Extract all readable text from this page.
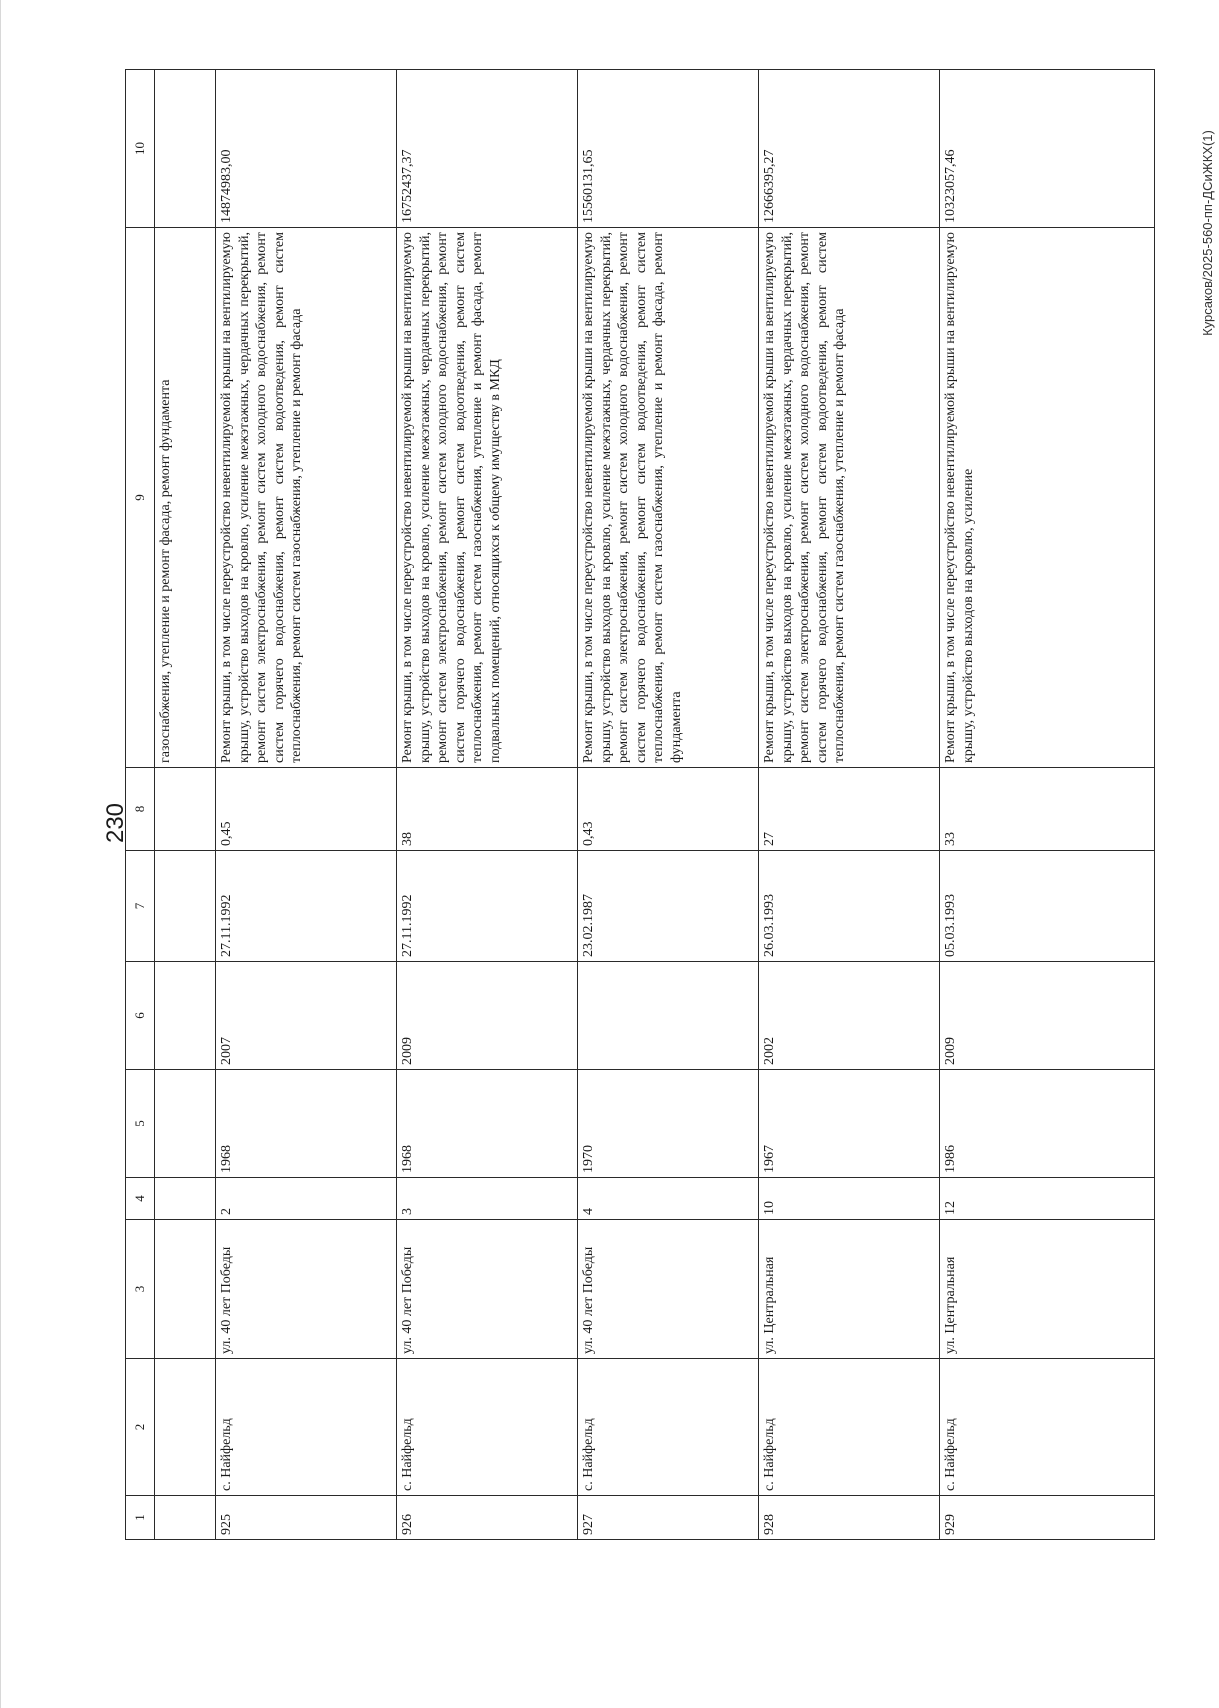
230
Курсаков/2025-560-пп-ДСиЖКХ(1)
1	2	3	4	5	6	7	8	9	10
								газоснабжения, утепление и ремонт фасада, ремонт фундамента	
925	с. Найфельд	ул. 40 лет Победы	2	1968	2007	27.11.1992	0,45	Ремонт крыши, в том числе переустройство невентилируемой крыши на вентилируемую крышу, устройство выходов на кровлю, усиление межэтажных, чердачных перекрытий, ремонт систем электроснабжения, ремонт систем холодного водоснабжения, ремонт систем горячего водоснабжения, ремонт систем водоотведения, ремонт систем теплоснабжения, ремонт систем газоснабжения, утепление и ремонт фасада	14874983,00
926	с. Найфельд	ул. 40 лет Победы	3	1968	2009	27.11.1992	38	Ремонт крыши, в том числе переустройство невентилируемой крыши на вентилируемую крышу, устройство выходов на кровлю, усиление межэтажных, чердачных перекрытий, ремонт систем электроснабжения, ремонт систем холодного водоснабжения, ремонт систем горячего водоснабжения, ремонт систем водоотведения, ремонт систем теплоснабжения, ремонт систем газоснабжения, утепление и ремонт фасада, ремонт подвальных помещений, относящихся к общему имуществу в МКД	16752437,37
927	с. Найфельд	ул. 40 лет Победы	4	1970		23.02.1987	0,43	Ремонт крыши, в том числе переустройство невентилируемой крыши на вентилируемую крышу, устройство выходов на кровлю, усиление межэтажных, чердачных перекрытий, ремонт систем электроснабжения, ремонт систем холодного водоснабжения, ремонт систем горячего водоснабжения, ремонт систем водоотведения, ремонт систем теплоснабжения, ремонт систем газоснабжения, утепление и ремонт фасада, ремонт фундамента	15560131,65
928	с. Найфельд	ул. Центральная	10	1967	2002	26.03.1993	27	Ремонт крыши, в том числе переустройство невентилируемой крыши на вентилируемую крышу, устройство выходов на кровлю, усиление межэтажных, чердачных перекрытий, ремонт систем электроснабжения, ремонт систем холодного водоснабжения, ремонт систем горячего водоснабжения, ремонт систем водоотведения, ремонт систем теплоснабжения, ремонт систем газоснабжения, утепление и ремонт фасада	12666395,27
929	с. Найфельд	ул. Центральная	12	1986	2009	05.03.1993	33	Ремонт крыши, в том числе переустройство невентилируемой крыши на вентилируемую крышу, устройство выходов на кровлю, усиление	10323057,46
